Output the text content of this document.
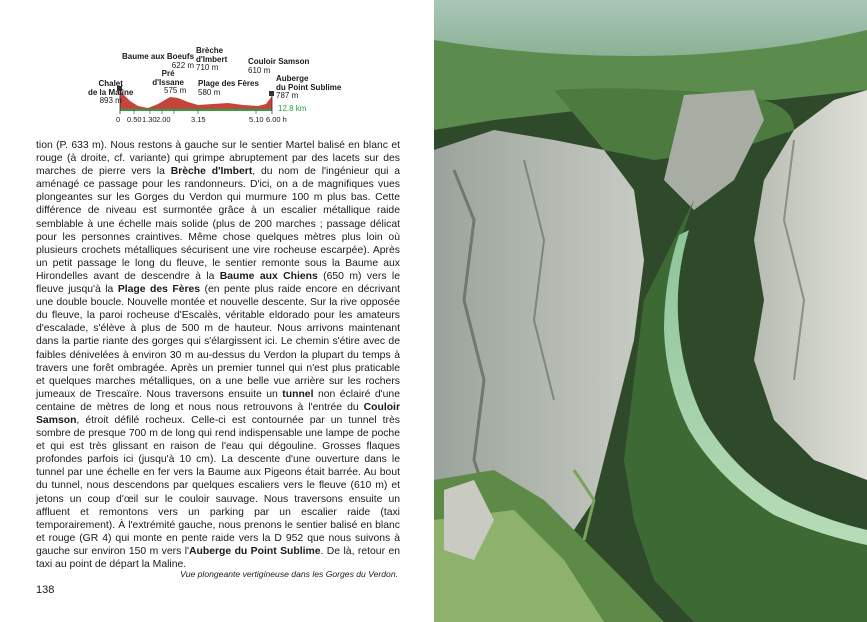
Chalet
de la Maline
893 m
Baume aux Boeufs
622 m
Pré
d'Issane
575 m
Brèche
d'Imbert
710 m
Plage des Fères
580 m
Couloir Samson
610 m
Auberge
du Point Sublime
787 m
12.8 km
0 0.50 1.30 2.00	3.15	5.10 6.00 h

tion (P. 633 m). Nous restons à gauche sur le sentier Martel balisé en blanc et rouge (à droite, cf. variante) qui grimpe abruptement par des lacets sur des marches de pierre vers la Brèche d'Imbert, du nom de l'ingénieur qui a aménagé ce passage pour les randonneurs. D'ici, on a de magnifiques vues plongeantes sur les Gorges du Verdon qui murmure 100 m plus bas. Cette différence de niveau est surmontée grâce à un escalier métallique raide semblable à une échelle mais solide (plus de 200 marches ; passage délicat pour les personnes craintives. Même chose quelques mètres plus loin où plusieurs crochets métalliques sécurisent une vire rocheuse escarpée). Après un petit passage le long du fleuve, le sentier remonte sous la Baume aux Hirondelles avant de descendre à la Baume aux Chiens (650 m) vers le fleuve jusqu'à la Plage des Fères (en pente plus raide encore en décrivant une double boucle. Nouvelle montée et nouvelle descente. Sur la rive opposée du fleuve, la paroi rocheuse d'Escalès, véritable eldorado pour les amateurs d'escalade, s'élève à plus de 500 m de hauteur. Nous arrivons maintenant dans la partie riante des gorges qui s'élargissent ici. Le chemin s'étire avec de faibles dénivelées à environ 30 m au-dessus du Verdon la plupart du temps à travers une forêt ombragée. Après un premier tunnel qui n'est plus praticable et quelques marches métalliques, on a une belle vue arrière sur les rochers jumeaux de Trescaïre. Nous traversons ensuite un tunnel non éclairé d'une centaine de mètres de long et nous nous retrouvons à l'entrée du Couloir Samson, étroit défilé rocheux. Celle-ci est contournée par un tunnel très sombre de presque 700 m de long qui rend indispensable une lampe de poche et qui est très glissant en raison de l'eau qui dégouline. Grosses flaques profondes parfois ici (jusqu'à 10 cm). La descente d'une ouverture dans le tunnel par une échelle en fer vers la Baume aux Pigeons était barrée. Au bout du tunnel, nous descendons par quelques escaliers vers le fleuve (610 m) et jetons un coup d'œil sur le couloir sauvage. Nous traversons ensuite un affluent et remontons vers un parking par un escalier raide (taxi temporairement). À l'extrémité gauche, nous prenons le sentier balisé en blanc et rouge (GR 4) qui monte en pente raide vers la D 952 que nous suivons à gauche sur environ 150 m vers l'Auberge du Point Sublime. De là, retour en taxi au point de départ la Maline.

Vue plongeante vertigineuse dans les Gorges du Verdon.
138
